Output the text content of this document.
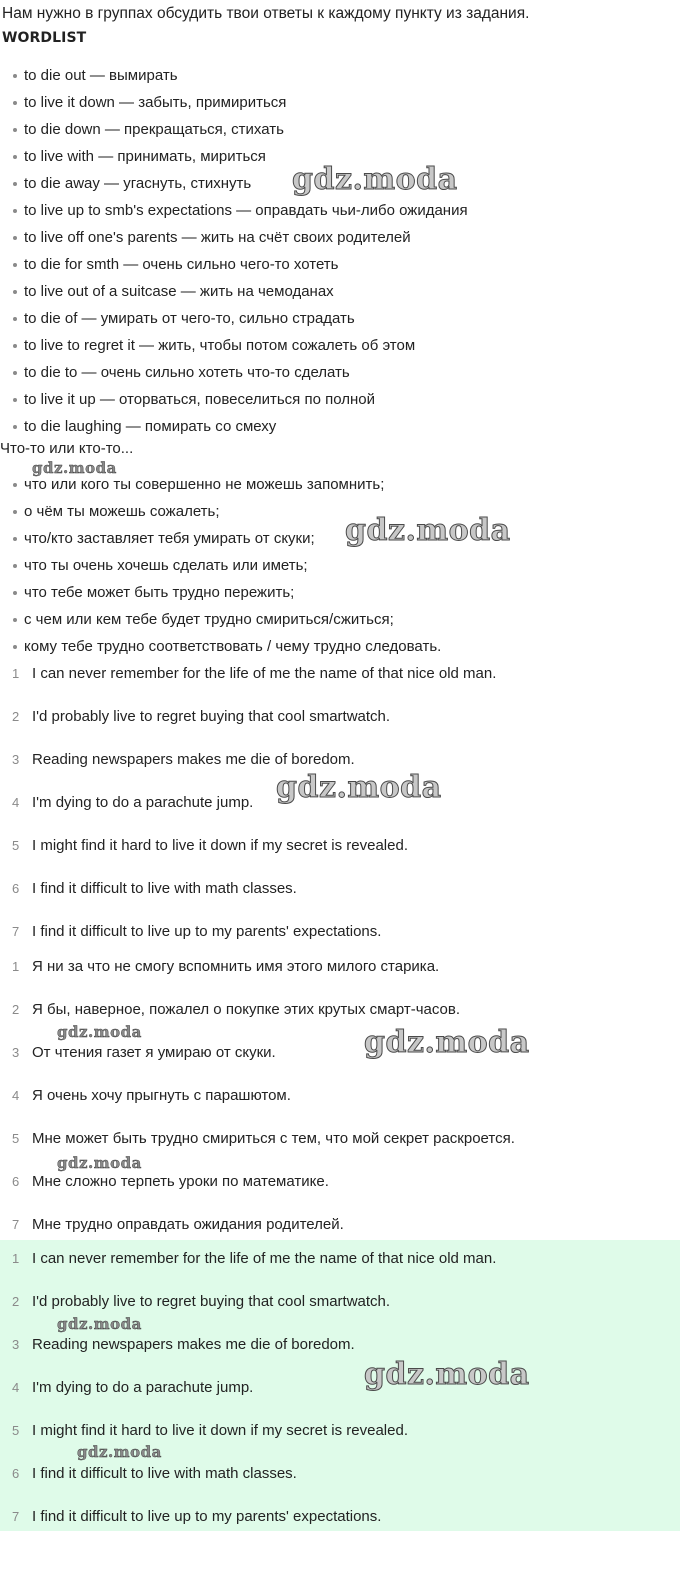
Нам нужно в группах обсудить твои ответы к каждому пункту из задания.
WORDLIST
to die out — вымирать
to live it down — забыть, примириться
to die down — прекращаться, стихать
to live with — принимать, мириться
to die away — угаснуть, стихнуть
to live up to smb's expectations — оправдать чьи-либо ожидания
to live off one's parents — жить на счёт своих родителей
to die for smth — очень сильно чего-то хотеть
to live out of a suitcase — жить на чемоданах
to die of — умирать от чего-то, сильно страдать
to live to regret it — жить, чтобы потом сожалеть об этом
to die to — очень сильно хотеть что-то сделать
to live it up — оторваться, повеселиться по полной
to die laughing — помирать со смеху
Что-то или кто-то...
что или кого ты совершенно не можешь запомнить;
о чём ты можешь сожалеть;
что/кто заставляет тебя умирать от скуки;
что ты очень хочешь сделать или иметь;
что тебе может быть трудно пережить;
с чем или кем тебе будет трудно смириться/сжиться;
кому тебе трудно соответствовать / чему трудно следовать.
1 I can never remember for the life of me the name of that nice old man.
2 I'd probably live to regret buying that cool smartwatch.
3 Reading newspapers makes me die of boredom.
4 I'm dying to do a parachute jump.
5 I might find it hard to live it down if my secret is revealed.
6 I find it difficult to live with math classes.
7 I find it difficult to live up to my parents' expectations.
1 Я ни за что не смогу вспомнить имя этого милого старика.
2 Я бы, наверное, пожалел о покупке этих крутых смарт-часов.
3 От чтения газет я умираю от скуки.
4 Я очень хочу прыгнуть с парашютом.
5 Мне может быть трудно смириться с тем, что мой секрет раскроется.
6 Мне сложно терпеть уроки по математике.
7 Мне трудно оправдать ожидания родителей.
1 I can never remember for the life of me the name of that nice old man.
2 I'd probably live to regret buying that cool smartwatch.
3 Reading newspapers makes me die of boredom.
4 I'm dying to do a parachute jump.
5 I might find it hard to live it down if my secret is revealed.
6 I find it difficult to live with math classes.
7 I find it difficult to live up to my parents' expectations.
gdz.moda
gdz.moda
gdz.moda
gdz.moda
gdz.moda	gdz.moda
gdz.moda
gdz.moda
gdz.moda
gdz.moda
